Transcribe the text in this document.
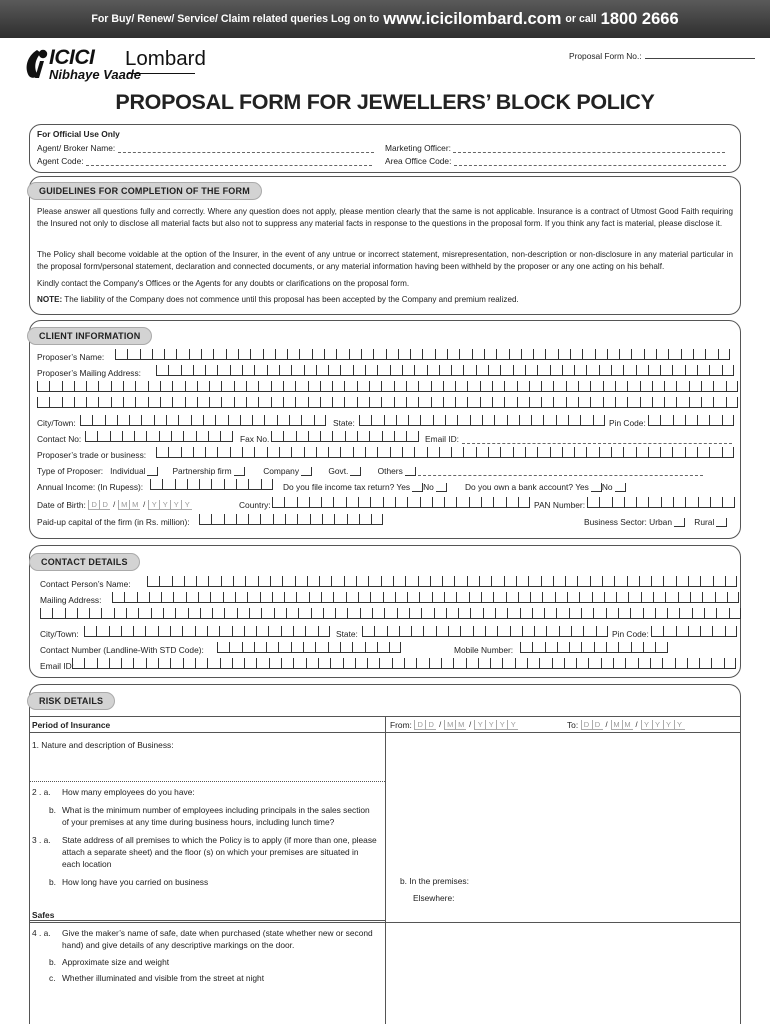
For Buy/ Renew/ Service/ Claim related queries Log on to www.icicilombard.com or call 1800 2666
ICICI Lombard
Nibhaye Vaade
Proposal Form No.:
PROPOSAL FORM FOR JEWELLERS’ BLOCK POLICY
For Official Use Only
Agent/ Broker Name:
Agent Code:
Marketing Officer:
Area Office Code:
GUIDELINES FOR COMPLETION OF THE FORM
Please answer all questions fully and correctly. Where any question does not apply, please mention clearly that the same is not applicable. Insurance is a contract of Utmost Good Faith requiring the Insured not only to disclose all material facts but also not to suppress any material facts in response to the questions in the proposal form. If you think any fact is material, please disclose it.
The Policy shall become voidable at the option of the Insurer, in the event of any untrue or incorrect statement, misrepresentation, non-description or non-disclosure in any material particular in the proposal form/personal statement, declaration and connected documents, or any material information having been withheld by the proposer or any one acting on his behalf.
Kindly contact the Company's Offices or the Agents for any doubts or clarifications on the proposal form.
NOTE: The liability of the Company does not commence until this proposal has been accepted by the Company and premium realized.
CLIENT INFORMATION
Proposer’s Name:
Proposer’s Mailing Address:
City/Town:	State:	Pin Code:
Contact No:	Fax No.	Email ID:
Proposer’s trade or business:
Type of Proposer: Individual	Partnership firm	Company	Govt.	Others
Annual Income: (In Rupess):	Do you file income tax return? Yes No	Do you own a bank account? Yes No
Date of Birth: D D / M M / Y Y Y Y	Country:	PAN Number:
Paid-up capital of the firm (in Rs. million):	Business Sector: Urban	Rural
CONTACT DETAILS
Contact Person’s Name:
Mailing Address:
City/Town:	State:	Pin Code:
Contact Number (Landline-With STD Code):	Mobile Number:
Email ID:
RISK DETAILS
Period of Insurance	From: D D / M M / Y Y Y Y	To: D D / M M / Y Y Y Y
1. Nature and description of Business:
2 . a. How many employees do you have:
b. What is the minimum number of employees including principals in the sales section
of your premises at any time during business hours, including lunch time?
3 . a. State address of all premises to which the Policy is to apply (if more than one, please
attach a separate sheet) and the floor (s) on which your premises are situated in
each location
b. How long have you carried on business	b. In the premises:
Elsewhere:
Safes
4 . a. Give the maker’s name of safe, date when purchased (state whether new or second
hand) and give details of any descriptive markings on the door.
b. Approximate size and weight
c. Whether illuminated and visible from the street at night
